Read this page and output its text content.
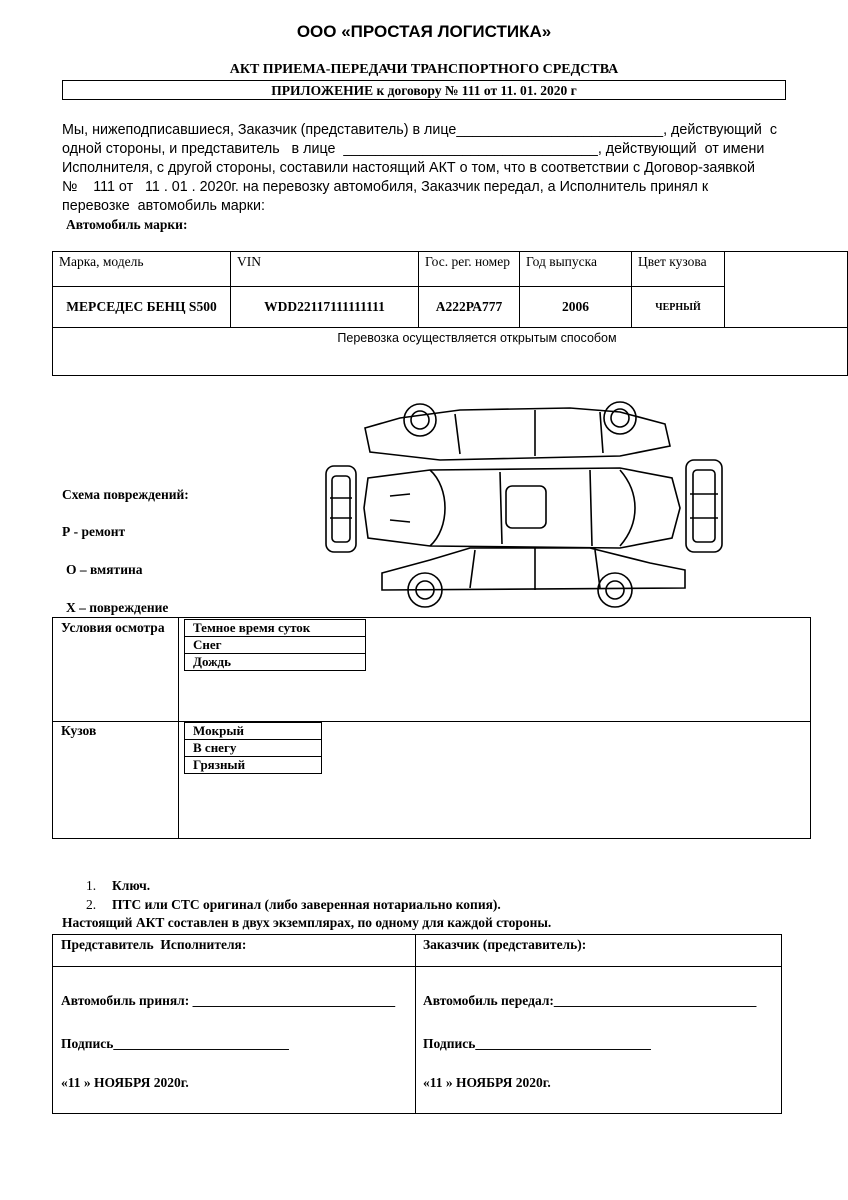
ООО «ПРОСТАЯ ЛОГИСТИКА»
АКТ ПРИЕМА-ПЕРЕДАЧИ ТРАНСПОРТНОГО СРЕДСТВА
ПРИЛОЖЕНИЕ к договору № 111 от 11. 01. 2020 г
Мы, нижеподписавшиеся, Заказчик (представитель) в лице__________________________, действующий  с
одной стороны, и представитель   в лице  ________________________________, действующий  от имени
Исполнителя, с другой стороны, составили настоящий АКТ о том, что в соответствии с Договор-заявкой
№    111 от   11 . 01 . 2020г. на перевозку автомобиля, Заказчик передал, а Исполнитель принял к
перевозке  автомобиль марки:
Автомобиль марки:
Марка, модель	VIN	Гос. рег. номер	Год выпуска	Цвет кузова	
МЕРСЕДЕС БЕНЦ S500	WDD22117111111111	А222РА777	2006	ЧЕРНЫЙ	
Перевозка осуществляется открытым способом					
Схема повреждений:
Р - ремонт
О – вмятина
Х – повреждение
Условия осмотра	Темное время суток
Снег
Дождь
Кузов	Мокрый
В снегу
Грязный
1. Ключ.
2. ПТС или СТС оригинал (либо заверенная нотариально копия).
Настоящий АКТ составлен в двух экземплярах, по одному для каждой стороны.
Представитель  Исполнителя:
Автомобиль принял: ______________________________
Подпись__________________________
«11 » НОЯБРЯ 2020г.
Заказчик (представитель):
Автомобиль передал:______________________________
Подпись__________________________
«11 » НОЯБРЯ 2020г.
